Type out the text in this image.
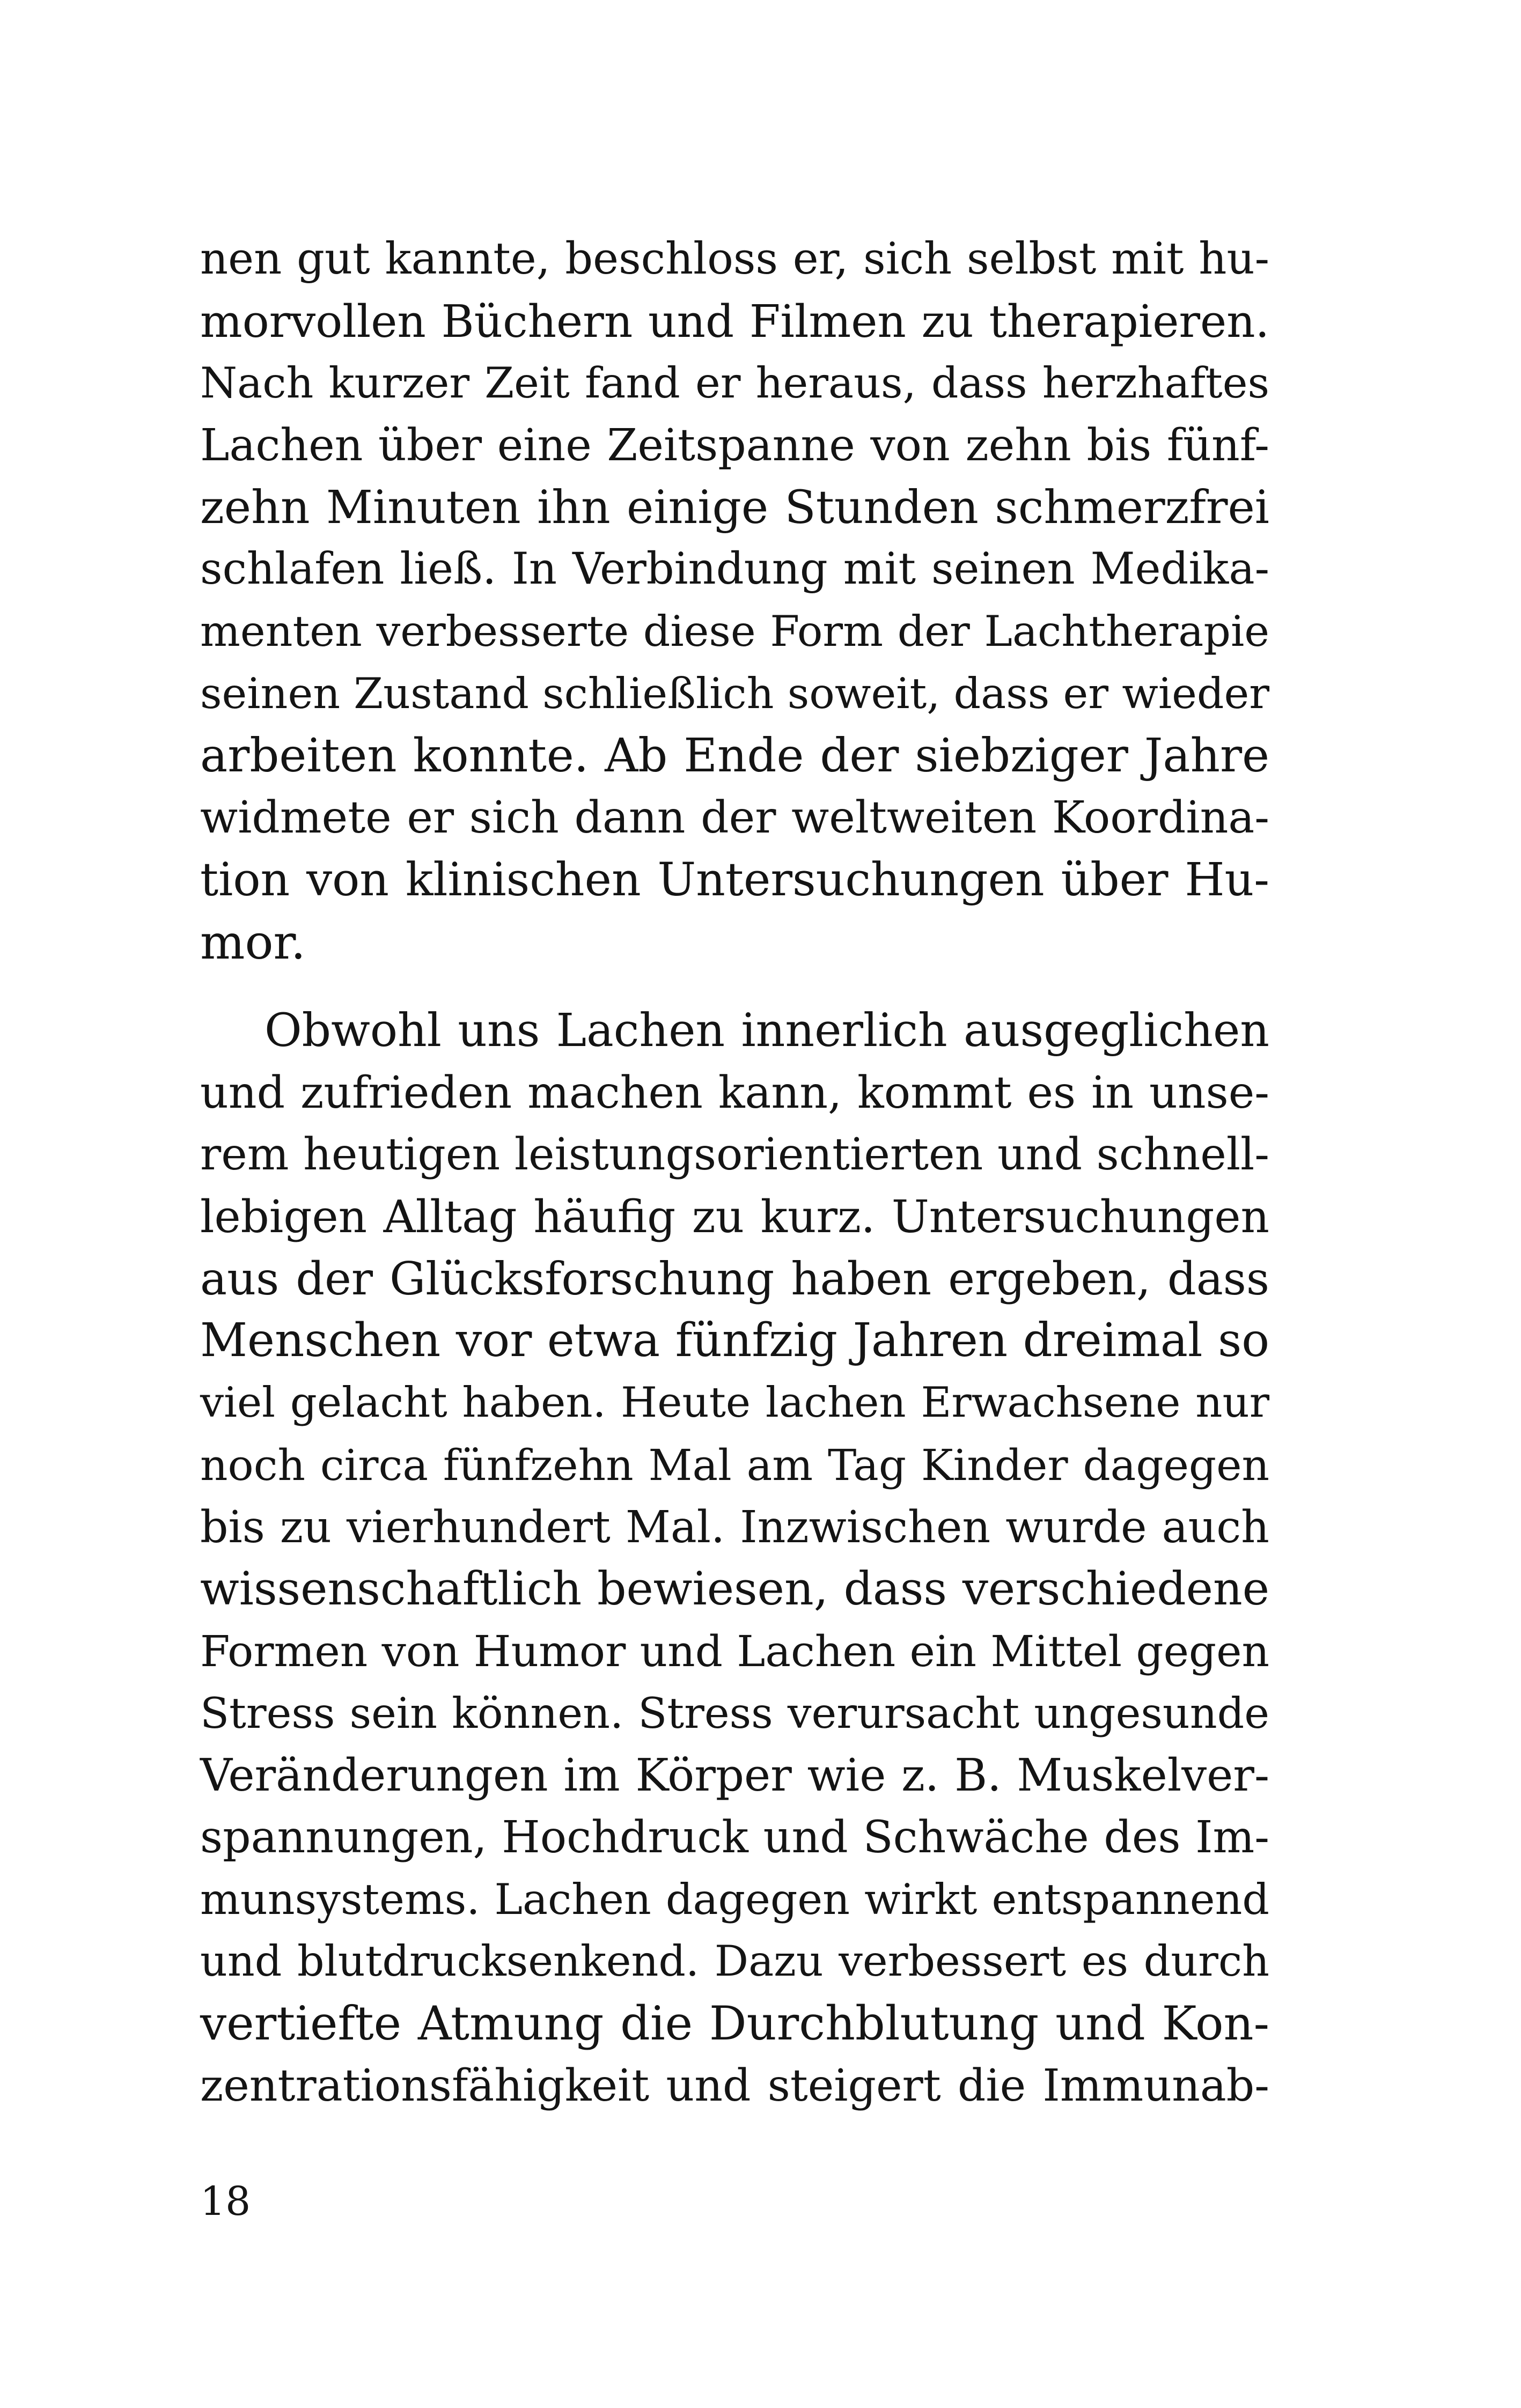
nen gut kannte, beschloss er, sich selbst mit hu-
morvollen Büchern und Filmen zu therapieren.
Nach kurzer Zeit fand er heraus, dass herzhaftes
Lachen über eine Zeitspanne von zehn bis fünf-
zehn Minuten ihn einige Stunden schmerzfrei
schlafen ließ. In Verbindung mit seinen Medika-
menten verbesserte diese Form der Lachtherapie
seinen Zustand schließlich soweit, dass er wieder
arbeiten konnte. Ab Ende der siebziger Jahre
widmete er sich dann der weltweiten Koordina-
tion von klinischen Untersuchungen über Hu-
mor.
Obwohl uns Lachen innerlich ausgeglichen
und zufrieden machen kann, kommt es in unse-
rem heutigen leistungsorientierten und schnell-
lebigen Alltag häufig zu kurz. Untersuchungen
aus der Glücksforschung haben ergeben, dass
Menschen vor etwa fünfzig Jahren dreimal so
viel gelacht haben. Heute lachen Erwachsene nur
noch circa fünfzehn Mal am Tag Kinder dagegen
bis zu vierhundert Mal. Inzwischen wurde auch
wissenschaftlich bewiesen, dass verschiedene
Formen von Humor und Lachen ein Mittel gegen
Stress sein können. Stress verursacht ungesunde
Veränderungen im Körper wie z. B. Muskelver-
spannungen, Hochdruck und Schwäche des Im-
munsystems. Lachen dagegen wirkt entspannend
und blutdrucksenkend. Dazu verbessert es durch
vertiefte Atmung die Durchblutung und Kon-
zentrationsfähigkeit und steigert die Immunab-
18
